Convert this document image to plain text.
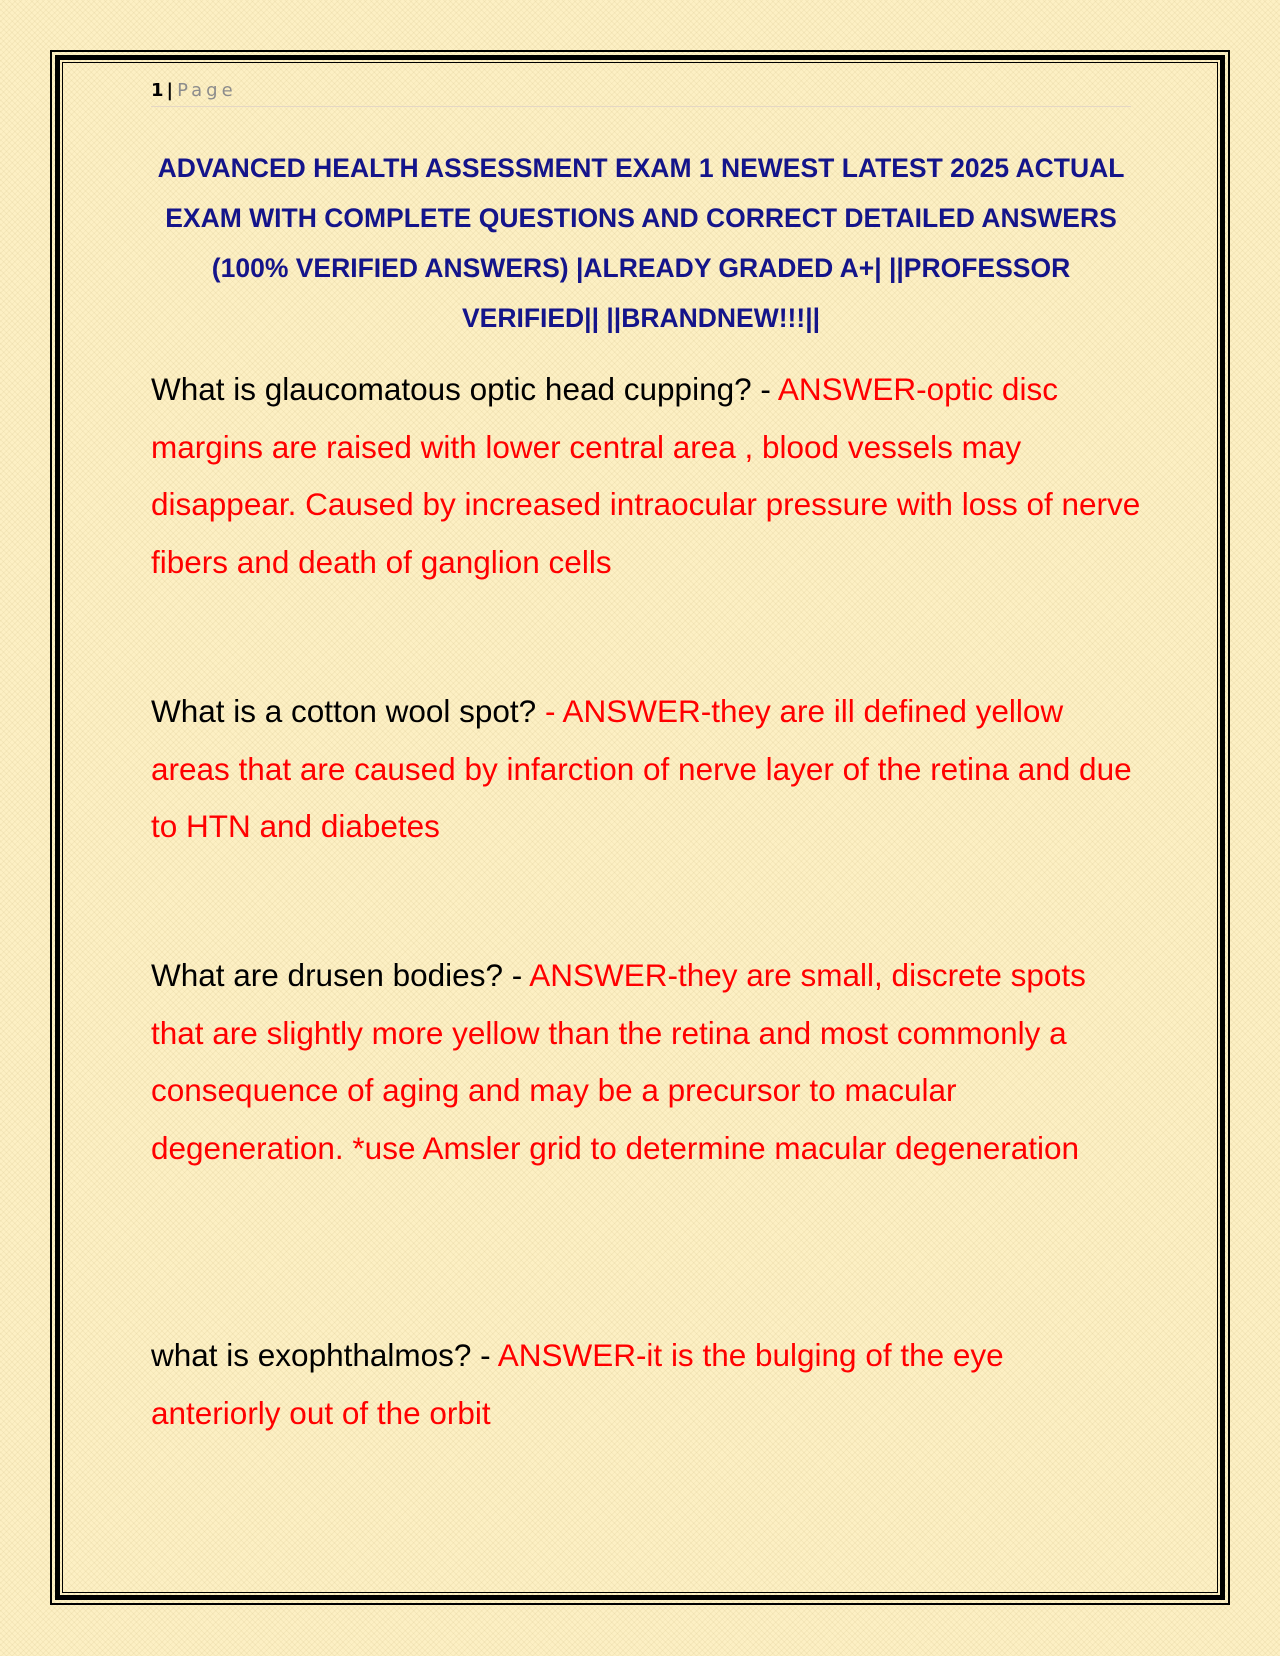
1 | Page
ADVANCED HEALTH ASSESSMENT EXAM 1 NEWEST LATEST 2025 ACTUAL EXAM WITH COMPLETE QUESTIONS AND CORRECT DETAILED ANSWERS (100% VERIFIED ANSWERS) |ALREADY GRADED A+| ||PROFESSOR VERIFIED|| ||BRANDNEW!!!||

What is glaucomatous optic head cupping? - ANSWER-optic disc margins are raised with lower central area , blood vessels may disappear. Caused by increased intraocular pressure with loss of nerve fibers and death of ganglion cells

What is a cotton wool spot? - ANSWER-they are ill defined yellow areas that are caused by infarction of nerve layer of the retina and due to HTN and diabetes

What are drusen bodies? - ANSWER-they are small, discrete spots that are slightly more yellow than the retina and most commonly a consequence of aging and may be a precursor to macular degeneration. *use Amsler grid to determine macular degeneration

what is exophthalmos? - ANSWER-it is the bulging of the eye anteriorly out of the orbit
